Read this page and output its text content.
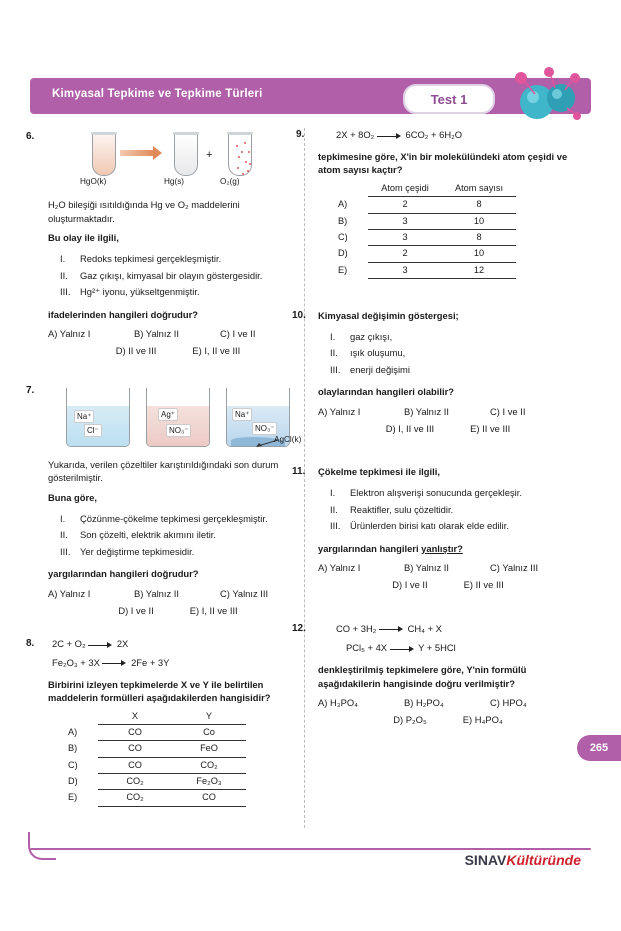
Kimyasal Tepkime ve Tepkime Türleri	Test 1
6.
HgO(k)	Hg(s)
+
O₂(g)
H₂O bileşiği ısıtıldığında Hg ve O₂ maddelerini oluşturmaktadır.
Bu olay ile ilgili,
I.	Redoks tepkimesi gerçekleşmiştir.
II.	Gaz çıkışı, kimyasal bir olayın göstergesidir.
III.	Hg²⁺ iyonu, yükseltgenmiştir.
ifadelerinden hangileri doğrudur?
A) Yalnız I	B) Yalnız II	C) I ve II
D) II ve III	E) I, II ve III
7.
Na⁺
Cl⁻
Ag⁺
NO₃⁻
Na⁺
NO₃⁻
AgCl(k)
Yukarıda, verilen çözeltiler karıştırıldığındaki son durum gösterilmiştir.
Buna göre,
I.	Çözünme-çökelme tepkimesi gerçekleşmiştir.
II.	Son çözelti, elektrik akımını iletir.
III.	Yer değiştirme tepkimesidir.
yargılarından hangileri doğrudur?
A) Yalnız I	B) Yalnız II	C) Yalnız III
D) I ve II	E) I, II ve III
8. 2C + O₂	2X
Fe₂O₃ + 3X	2Fe + 3Y
Birbirini izleyen tepkimelerde X ve Y ile belirtilen maddelerin formülleri aşağıdakilerden hangisidir?
	X	Y
A)	CO	Co
B)	CO	FeO
C)	CO	CO₂
D)	CO₂	Fe₂O₃
E)	CO₂	CO
9.	2X + 8O₂	6CO₂ + 6H₂O
tepkimesine göre, X'in bir molekülündeki atom çeşidi ve atom sayısı kaçtır?
	Atom çeşidi	Atom sayısı
A)	2	8
B)	3	10
C)	3	8
D)	2	10
E)	3	12
10. Kimyasal değişimin göstergesi;
I.	gaz çıkışı,
II.	ışık oluşumu,
III.	enerji değişimi
olaylarından hangileri olabilir?
A) Yalnız I	B) Yalnız II	C) I ve II
D) I, II ve III	E) II ve III
11. Çökelme tepkimesi ile ilgili,
I.	Elektron alışverişi sonucunda gerçekleşir.
II.	Reaktifler, sulu çözeltidir.
III.	Ürünlerden birisi katı olarak elde edilir.
yargılarından hangileri yanlıştır?
A) Yalnız I	B) Yalnız II	C) Yalnız III
D) I ve II	E) II ve III
12.	CO + 3H₂	CH₄ + X
PCl₅ + 4X	Y + 5HCl
denkleştirilmiş tepkimelere göre, Y'nin formülü aşağıdakilerin hangisinde doğru verilmiştir?
A) H₃PO₄	B) H₂PO₄	C) HPO₄
D) P₂O₅	E) H₄PO₄
265
SINAVKültüründe
